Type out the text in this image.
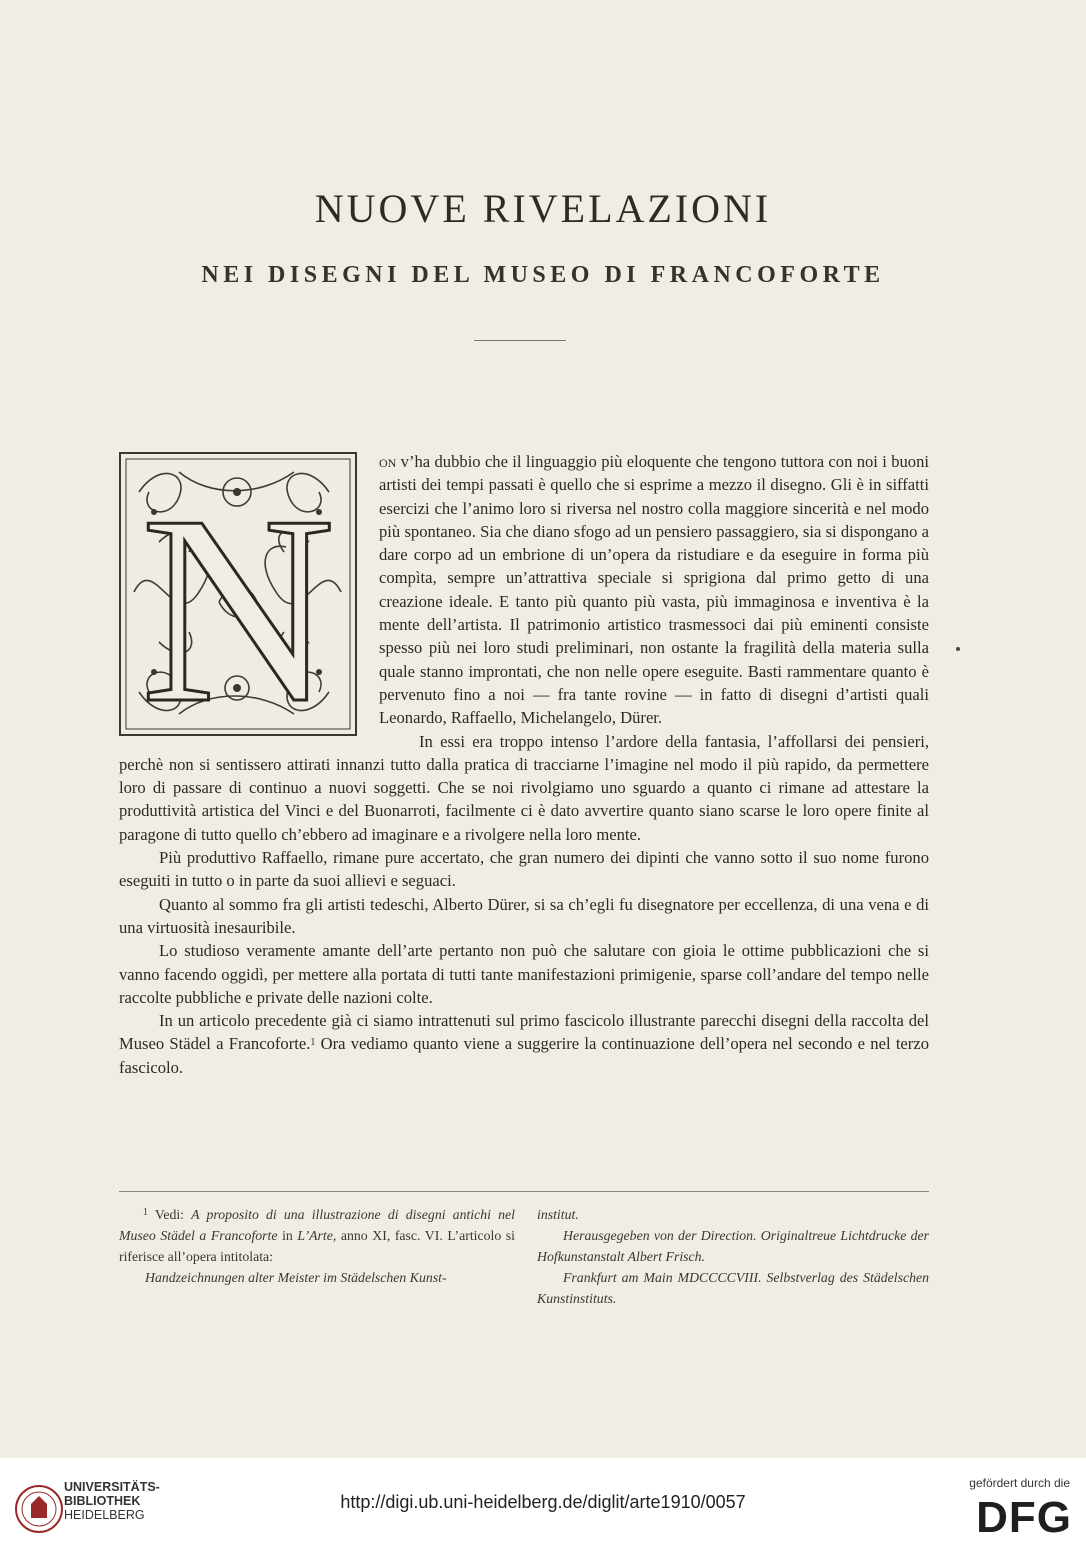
NUOVE RIVELAZIONI
NEI DISEGNI DEL MUSEO DI FRANCOFORTE

N	on v’ha dubbio che il linguaggio più eloquente che tengono tuttora con noi i buoni artisti dei tempi passati è quello che si esprime a mezzo il disegno. Gli è in siffatti esercizi che l’animo loro si riversa nel nostro colla maggiore sincerità e nel modo più spontaneo. Sia che diano sfogo ad un pensiero passaggiero, sia si dispongano a dare corpo ad un embrione di un’opera da ristudiare e da eseguire in forma più compìta, sempre un’attrattiva speciale si sprigiona dal primo getto di una creazione ideale. E tanto più quanto più vasta, più immaginosa e inventiva è la mente dell’artista. Il patrimonio artistico trasmessoci dai più eminenti consiste spesso più nei loro studi preliminari, non ostante la fragilità della materia sulla quale stanno improntati, che non nelle opere eseguite. Basti rammentare quanto è pervenuto fino a noi — fra tante rovine — in fatto di disegni d’artisti quali Leonardo, Raffaello, Michelangelo, Dürer.

In essi era troppo intenso l’ardore della fantasia, l’affollarsi dei pensieri, perchè non si sentissero attirati innanzi tutto dalla pratica di tracciarne l’imagine nel modo il più rapido, da permettere loro di passare di continuo a nuovi soggetti. Che se noi rivolgiamo uno sguardo a quanto ci rimane ad attestare la produttività artistica del Vinci e del Buonarroti, facilmente ci è dato avvertire quanto siano scarse le loro opere finite al paragone di tutto quello ch’ebbero ad imaginare e a rivolgere nella loro mente.

Più produttivo Raffaello, rimane pure accertato, che gran numero dei dipinti che vanno sotto il suo nome furono eseguiti in tutto o in parte da suoi allievi e seguaci.

Quanto al sommo fra gli artisti tedeschi, Alberto Dürer, si sa ch’egli fu disegnatore per eccellenza, di una vena e di una virtuosità inesauribile.

Lo studioso veramente amante dell’arte pertanto non può che salutare con gioia le ottime pubblicazioni che si vanno facendo oggidì, per mettere alla portata di tutti tante manifestazioni primigenie, sparse coll’andare del tempo nelle raccolte pubbliche e private delle nazioni colte.

In un articolo precedente già ci siamo intrattenuti sul primo fascicolo illustrante parecchi disegni della raccolta del Museo Städel a Francoforte.$^1$ Ora vediamo quanto viene a suggerire la continuazione dell’opera nel secondo e nel terzo fascicolo.

$^1$ Vedi: A proposito di una illustrazione di disegni antichi nel Museo Städel a Francoforte in L’Arte, anno XI, fasc. VI. L’articolo si riferisce all’opera intitolata:

Handzeichnungen alter Meister im Städelschen Kunst-

institut.

Herausgegeben von der Direction. Originaltreue Lichtdrucke der Hofkunstanstalt Albert Frisch.

Frankfurt am Main MDCCCCVIII. Selbstverlag des Städelschen Kunstinstituts.

UNIVERSITÄTS-
BIBLIOTHEK
HEIDELBERG
http://digi.ub.uni-heidelberg.de/diglit/arte1910/0057
gefördert durch die
DFG
